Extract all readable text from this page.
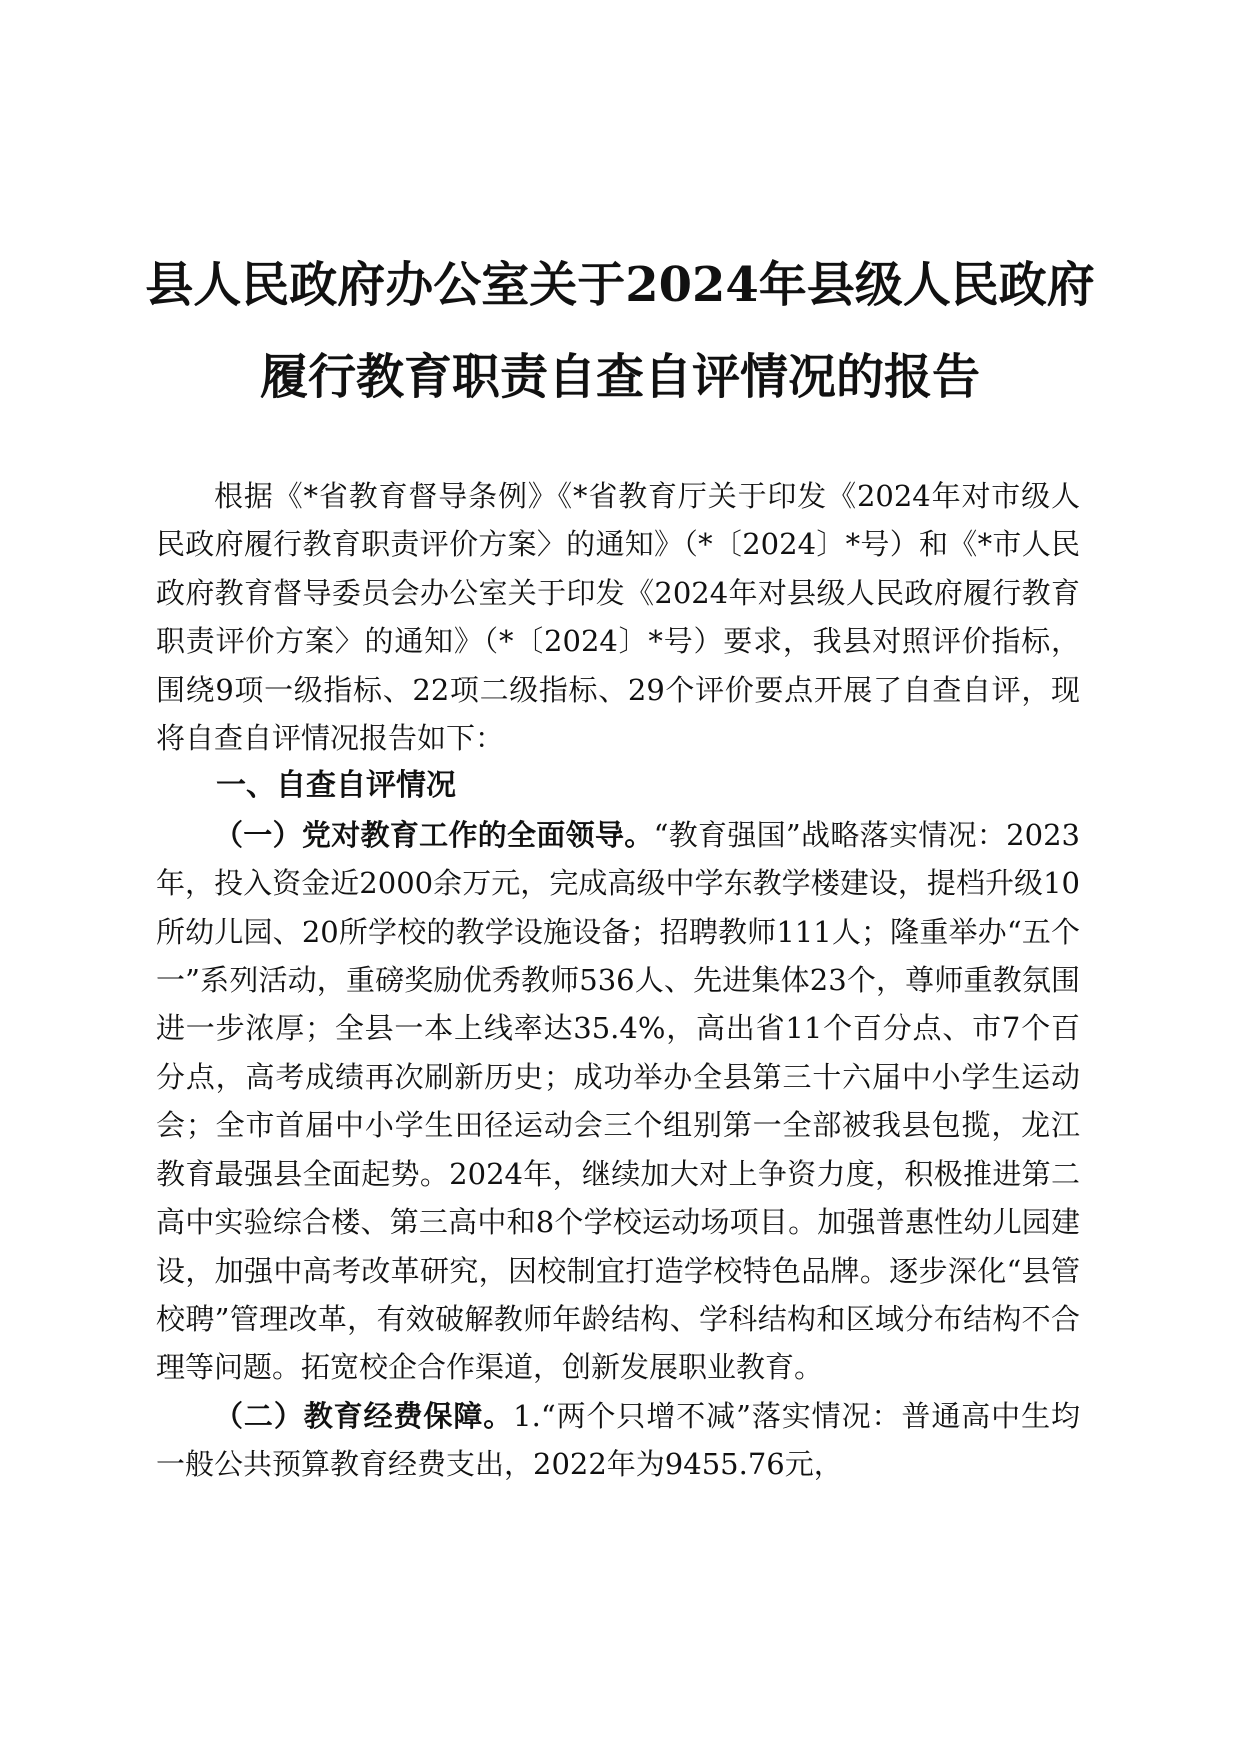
县人民政府办公室关于2024年县级人民政府
履行教育职责自查自评情况的报告

根据《*省教育督导条例》《*省教育厅关于印发《2024年对市级人民政府履行教育职责评价方案〉的通知》（*〔2024〕*号）和《*市人民政府教育督导委员会办公室关于印发《2024年对县级人民政府履行教育职责评价方案〉的通知》（*〔2024〕*号）要求，我县对照评价指标，围绕9项一级指标、22项二级指标、29个评价要点开展了自查自评，现将自查自评情况报告如下：

一、自查自评情况

（一）党对教育工作的全面领导。“教育强国”战略落实情况：2023年，投入资金近2000余万元，完成高级中学东教学楼建设，提档升级10所幼儿园、20所学校的教学设施设备；招聘教师111人；隆重举办“五个一”系列活动，重磅奖励优秀教师536人、先进集体23个，尊师重教氛围进一步浓厚；全县一本上线率达35.4%，高出省11个百分点、市7个百分点，高考成绩再次刷新历史；成功举办全县第三十六届中小学生运动会；全市首届中小学生田径运动会三个组别第一全部被我县包揽，龙江教育最强县全面起势。2024年，继续加大对上争资力度，积极推进第二高中实验综合楼、第三高中和8个学校运动场项目。加强普惠性幼儿园建设，加强中高考改革研究，因校制宜打造学校特色品牌。逐步深化“县管校聘”管理改革，有效破解教师年龄结构、学科结构和区域分布结构不合理等问题。拓宽校企合作渠道，创新发展职业教育。

（二）教育经费保障。1.“两个只增不减”落实情况：普通高中生均一般公共预算教育经费支出，2022年为9455.76元，
